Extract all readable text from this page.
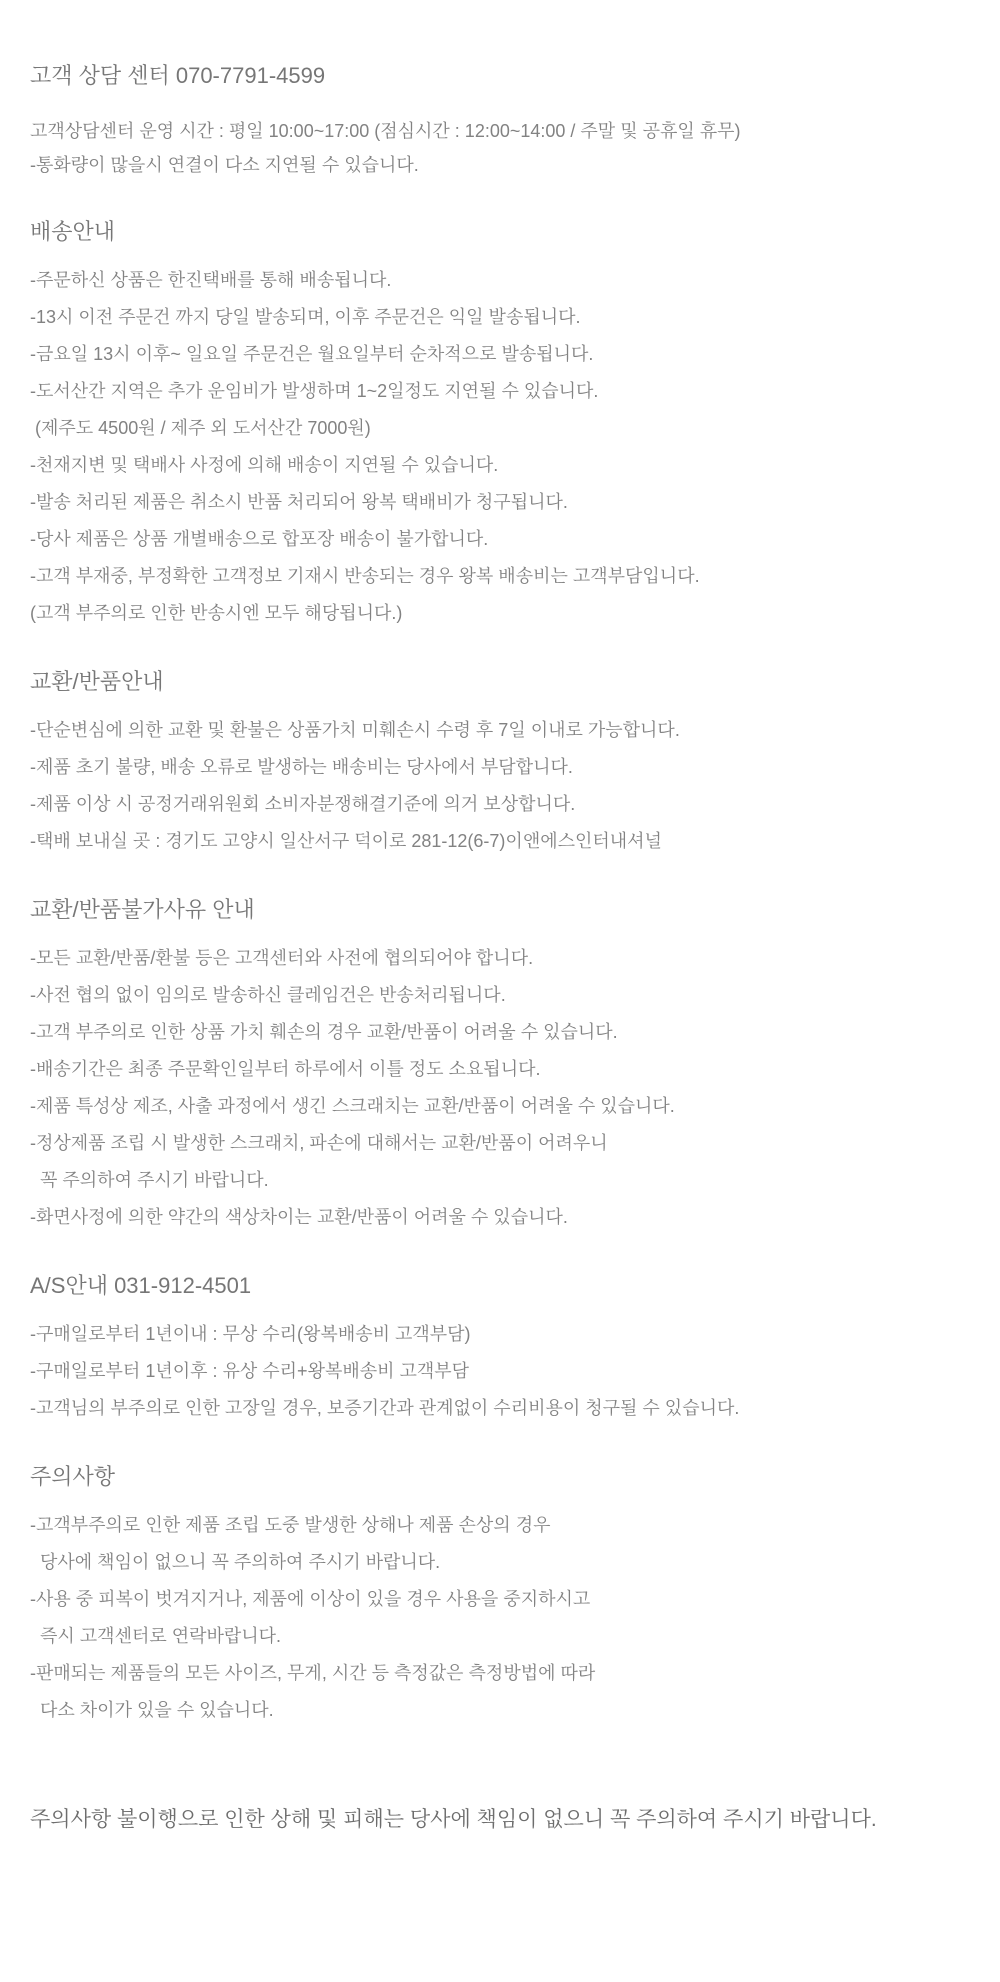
고객 상담 센터 070-7791-4599

고객상담센터 운영 시간 : 평일 10:00~17:00 (점심시간 : 12:00~14:00 / 주말 및 공휴일 휴무)

-통화량이 많을시 연결이 다소 지연될 수 있습니다.

배송안내

-주문하신 상품은 한진택배를 통해 배송됩니다.

-13시 이전 주문건 까지 당일 발송되며, 이후 주문건은 익일 발송됩니다.

-금요일 13시 이후~ 일요일 주문건은 월요일부터 순차적으로 발송됩니다.

-도서산간 지역은 추가 운임비가 발생하며 1~2일정도 지연될 수 있습니다.

(제주도 4500원 / 제주 외 도서산간 7000원)

-천재지변 및 택배사 사정에 의해 배송이 지연될 수 있습니다.

-발송 처리된 제품은 취소시 반품 처리되어 왕복 택배비가 청구됩니다.

-당사 제품은 상품 개별배송으로 합포장 배송이 불가합니다.

-고객 부재중, 부정확한 고객정보 기재시 반송되는 경우 왕복 배송비는 고객부담입니다.

(고객 부주의로 인한 반송시엔 모두 해당됩니다.)

교환/반품안내

-단순변심에 의한 교환 및 환불은 상품가치 미훼손시 수령 후 7일 이내로 가능합니다.

-제품 초기 불량, 배송 오류로 발생하는 배송비는 당사에서 부담합니다.

-제품 이상 시 공정거래위원회 소비자분쟁해결기준에 의거 보상합니다.

-택배 보내실 곳 : 경기도 고양시 일산서구 덕이로 281-12(6-7)이앤에스인터내셔널

교환/반품불가사유 안내

-모든 교환/반품/환불 등은 고객센터와 사전에 협의되어야 합니다.

-사전 협의 없이 임의로 발송하신 클레임건은 반송처리됩니다.

-고객 부주의로 인한 상품 가치 훼손의 경우 교환/반품이 어려울 수 있습니다.

-배송기간은 최종 주문확인일부터 하루에서 이틀 정도 소요됩니다.

-제품 특성상 제조, 사출 과정에서 생긴 스크래치는 교환/반품이 어려울 수 있습니다.

-정상제품 조립 시 발생한 스크래치, 파손에 대해서는 교환/반품이 어려우니

꼭 주의하여 주시기 바랍니다.

-화면사정에 의한 약간의 색상차이는 교환/반품이 어려울 수 있습니다.

A/S안내 031-912-4501

-구매일로부터 1년이내 : 무상 수리(왕복배송비 고객부담)

-구매일로부터 1년이후 : 유상 수리+왕복배송비 고객부담

-고객님의 부주의로 인한 고장일 경우, 보증기간과 관계없이 수리비용이 청구될 수 있습니다.

주의사항

-고객부주의로 인한 제품 조립 도중 발생한 상해나 제품 손상의 경우

당사에 책임이 없으니 꼭 주의하여 주시기 바랍니다.

-사용 중 피복이 벗겨지거나, 제품에 이상이 있을 경우 사용을 중지하시고

즉시 고객센터로 연락바랍니다.

-판매되는 제품들의 모든 사이즈, 무게, 시간 등 측정값은 측정방법에 따라

다소 차이가 있을 수 있습니다.

주의사항 불이행으로 인한 상해 및 피해는 당사에 책임이 없으니 꼭 주의하여 주시기 바랍니다.
